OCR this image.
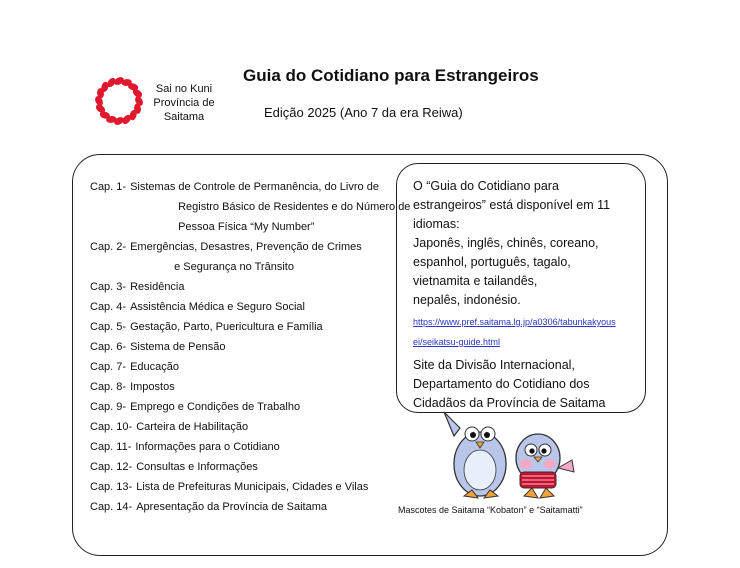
Sai no Kuni
Província de
Saitama
Guia do Cotidiano para Estrangeiros
Edição 2025 (Ano 7 da era Reiwa)
Cap. 1- Sistemas de Controle de Permanência, do Livro de
Registro Básico de Residentes e do Número de
Pessoa Física “My Number”
Cap. 2- Emergências, Desastres, Prevenção de Crimes
e Segurança no Trânsito
Cap. 3- Residência
Cap. 4- Assistência Médica e Seguro Social
Cap. 5- Gestação, Parto, Puericultura e Família
Cap. 6- Sistema de Pensão
Cap. 7- Educação
Cap. 8- Impostos
Cap. 9- Emprego e Condições de Trabalho
Cap. 10- Carteira de Habilitação
Cap. 11- Informações para o Cotidiano
Cap. 12- Consultas e Informações
Cap. 13- Lista de Prefeituras Municipais, Cidades e Vilas
Cap. 14- Apresentação da Província de Saitama

O “Guia do Cotidiano para

estrangeiros” está disponível em 11

idiomas:

Japonês, inglês, chinês, coreano,

espanhol, português, tagalo,

vietnamita e tailandês,

nepalês, indonésio.

https://www.pref.saitama.lg.jp/a0306/tabunkakyous
ei/seikatsu-guide.html

Site da Divisão Internacional,

Departamento do Cotidiano dos

Cidadãos da Província de Saitama

Mascotes de Saitama “Kobaton” e “Saitamatti”
